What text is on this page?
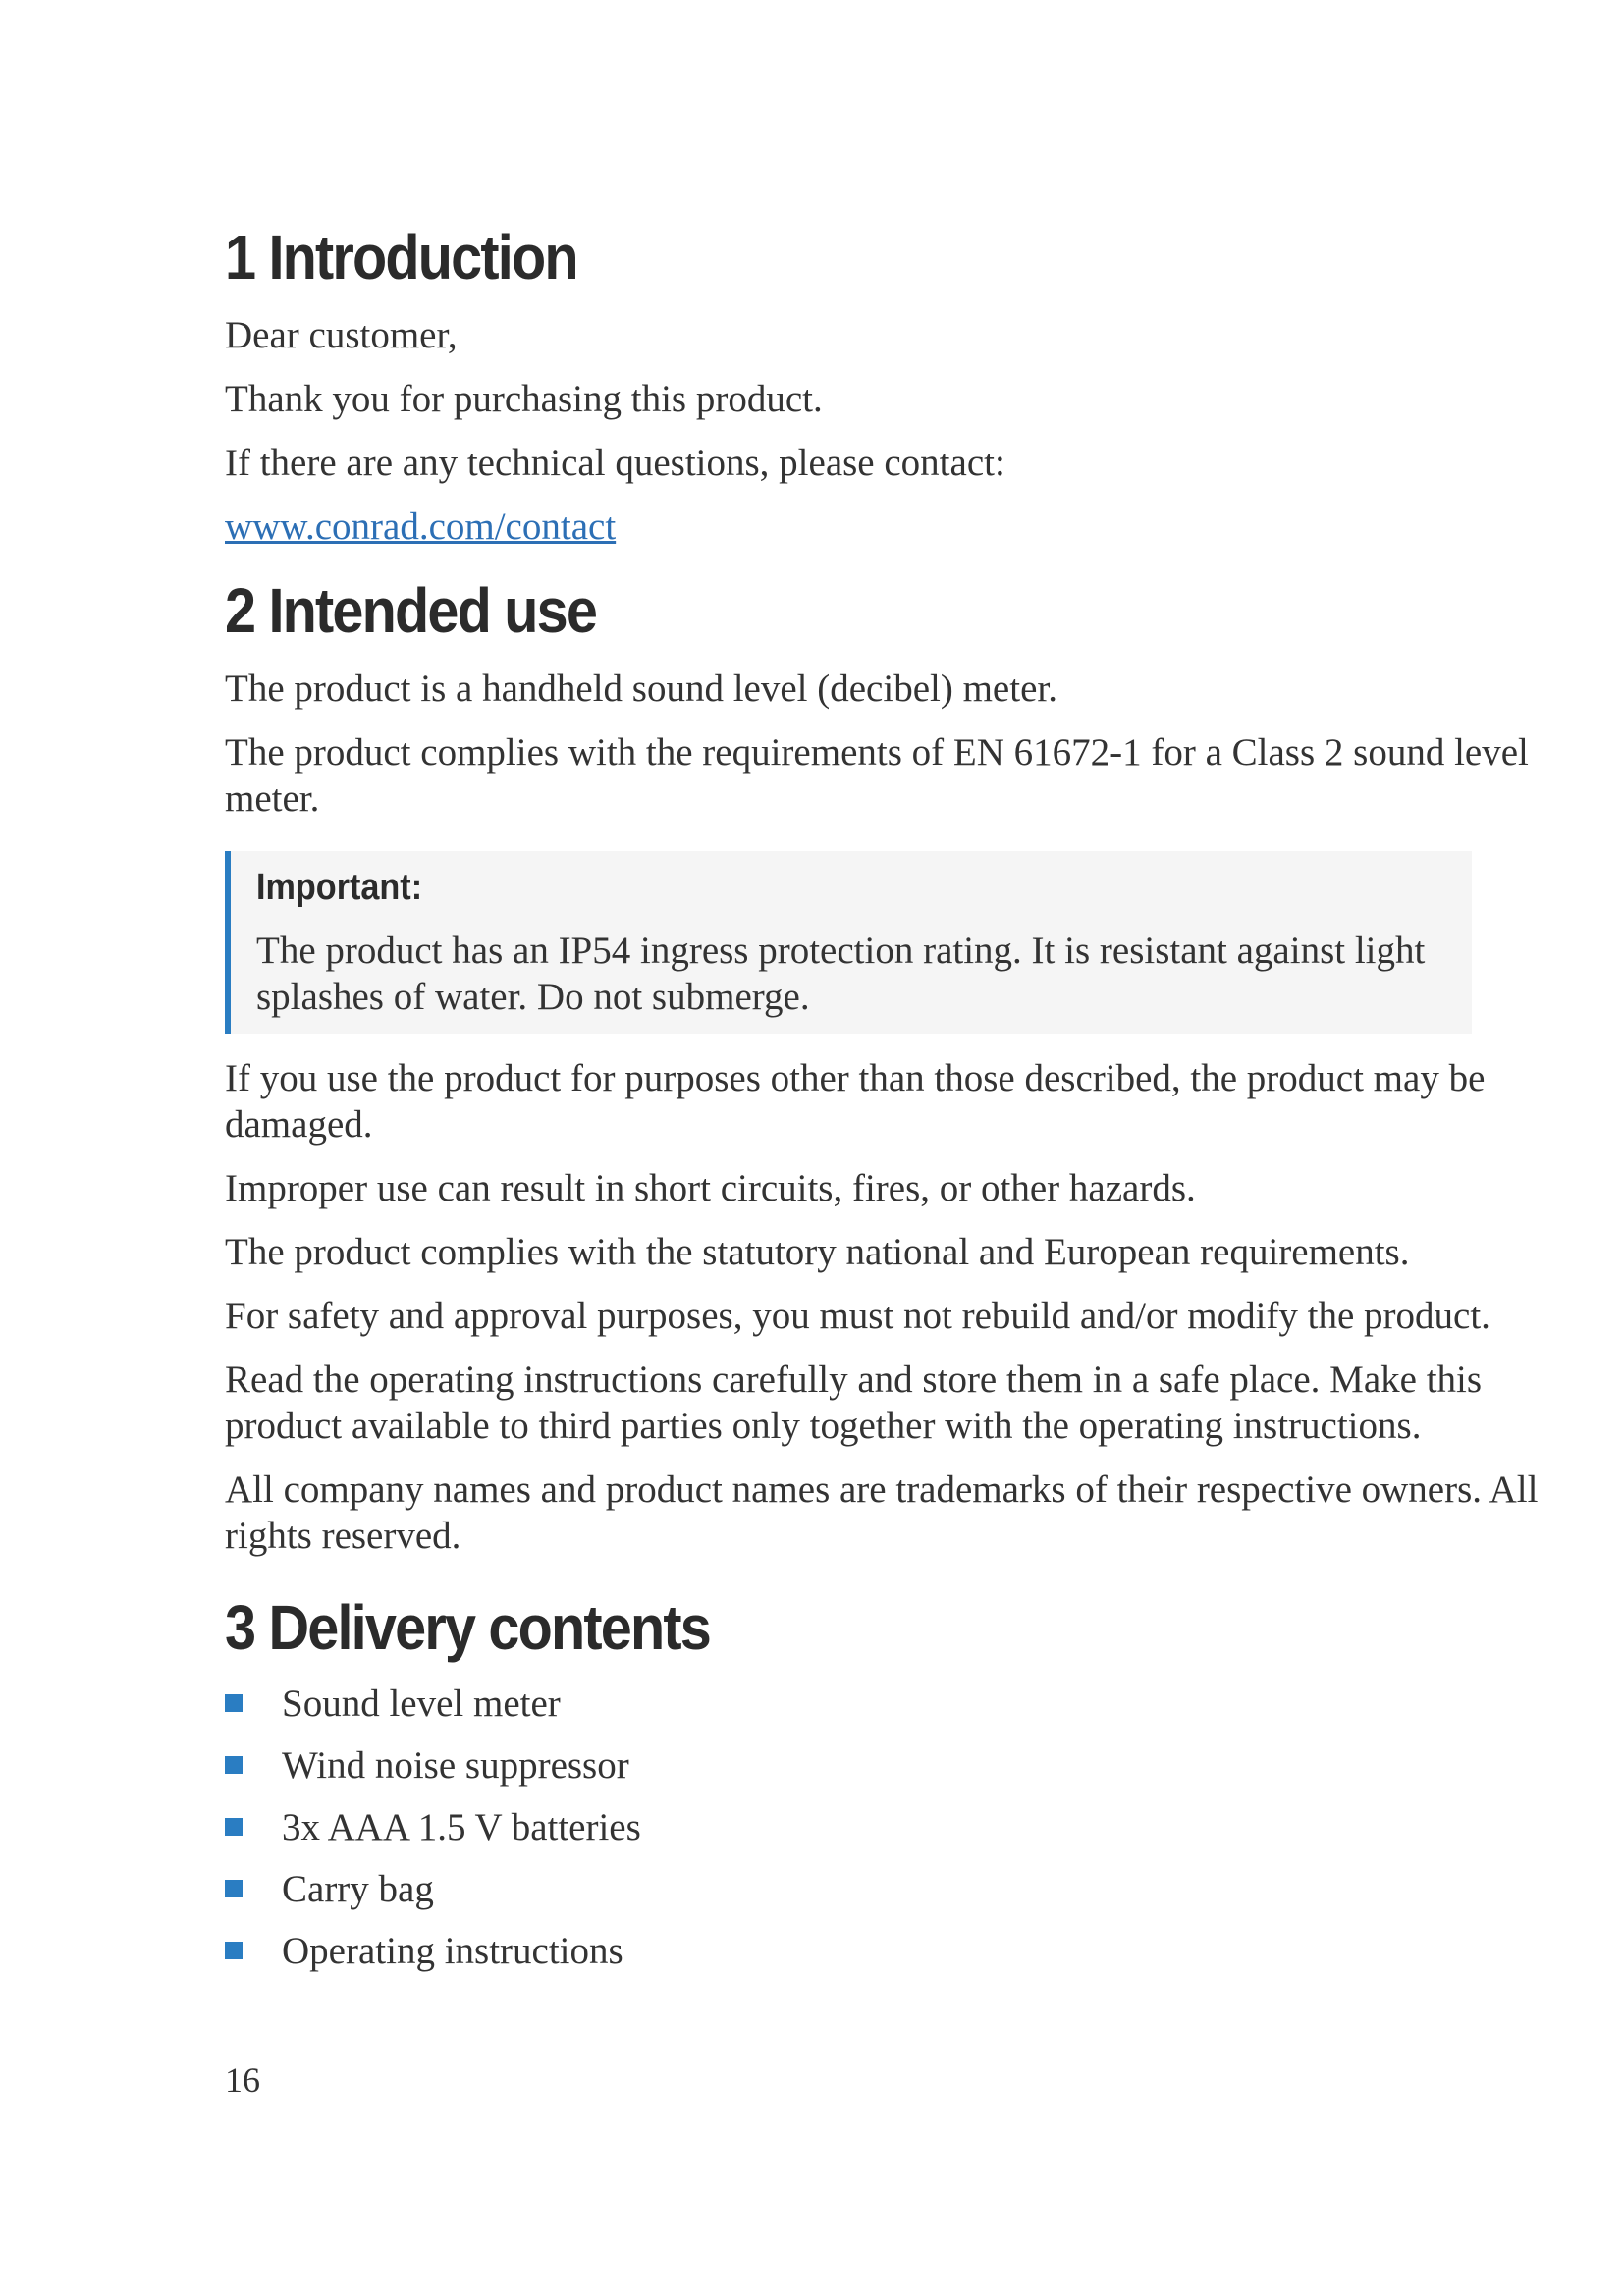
1 Introduction

Dear customer,

Thank you for purchasing this product.

If there are any technical questions, please contact:

www.conrad.com/contact

2 Intended use

The product is a handheld sound level (decibel) meter.

The product complies with the requirements of EN 61672-1 for a Class 2 sound level meter.

Important:

The product has an IP54 ingress protection rating. It is resistant against light splashes of water. Do not submerge.

If you use the product for purposes other than those described, the product may be damaged.

Improper use can result in short circuits, fires, or other hazards.

The product complies with the statutory national and European requirements.

For safety and approval purposes, you must not rebuild and/or modify the product.

Read the operating instructions carefully and store them in a safe place. Make this product available to third parties only together with the operating instructions.

All company names and product names are trademarks of their respective owners. All rights reserved.

3 Delivery contents
Sound level meter
Wind noise suppressor
3x AAA 1.5 V batteries
Carry bag
Operating instructions
16
